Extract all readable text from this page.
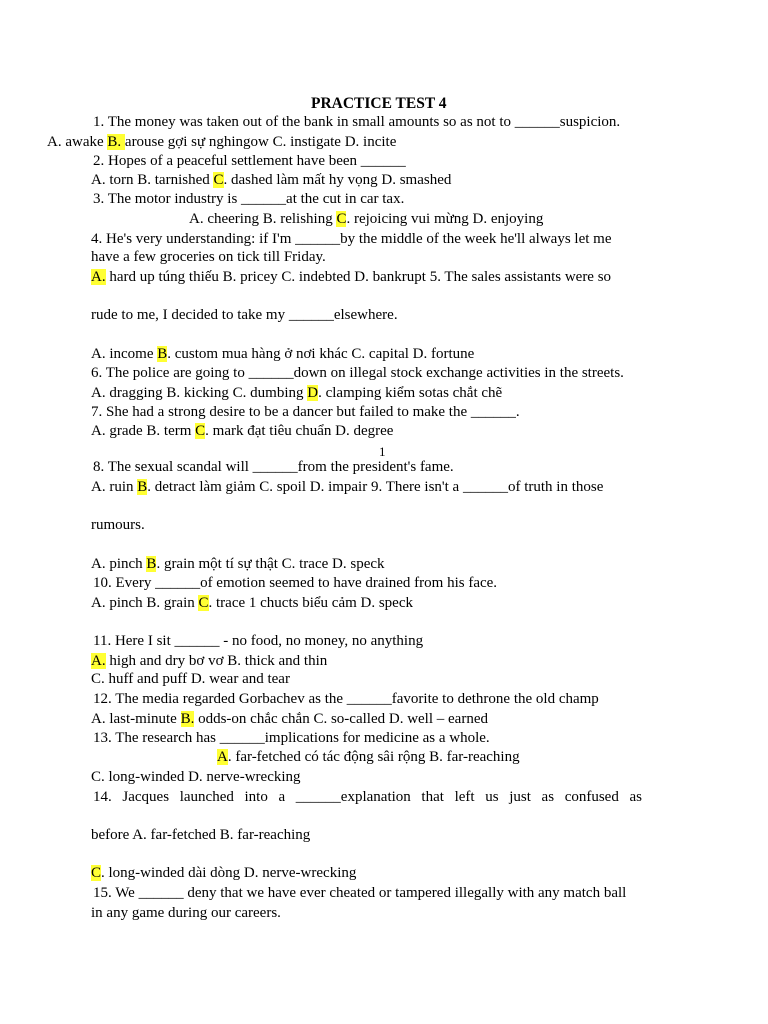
PRACTICE TEST 4
1. The money was taken out of the bank in small amounts so as not to ______suspicion.
A. awake B. arouse gợi sự nghingow C. instigate D. incite
2. Hopes of a peaceful settlement have been ______
A. torn B. tarnished C. dashed làm mất hy vọng D. smashed
3. The motor industry is ______at the cut in car tax.
A. cheering B. relishing C. rejoicing vui mừng D. enjoying
4. He's very understanding: if I'm ______by the middle of the week he'll always let me
have a few groceries on tick till Friday.
A. hard up túng thiếu B. pricey C. indebted D. bankrupt 5. The sales assistants were so
rude to me, I decided to take my ______elsewhere.
A. income B. custom mua hàng ở nơi khác C. capital D. fortune
6. The police are going to ______down on illegal stock exchange activities in the streets.
A. dragging B. kicking C. dumbing D. clamping kiểm sotas chắt chẽ
7. She had a strong desire to be a dancer but failed to make the ______.
A. grade B. term C. mark đạt tiêu chuẩn D. degree
1
8. The sexual scandal will ______from the president's fame.
A. ruin B. detract làm giảm C. spoil D. impair 9. There isn't a ______of truth in those
rumours.
A. pinch B. grain một tí sự thật C. trace D. speck
10. Every ______of emotion seemed to have drained from his face.
A. pinch B. grain C. trace 1 chucts biểu cảm D. speck
11. Here I sit ______ - no food, no money, no anything
A. high and dry bơ vơ B. thick and thin
C. huff and puff D. wear and tear
12. The media regarded Gorbachev as the ______favorite to dethrone the old champ
A. last-minute B. odds-on chắc chắn C. so-called D. well – earned
13. The research has ______implications for medicine as a whole.
A. far-fetched có tác động sâi rộng B. far-reaching
C. long-winded D. nerve-wrecking
14. Jacques launched into a ______explanation that left us just as confused as
before A. far-fetched B. far-reaching
C. long-winded dài dòng D. nerve-wrecking
15. We ______ deny that we have ever cheated or tampered illegally with any match ball
in any game during our careers.
